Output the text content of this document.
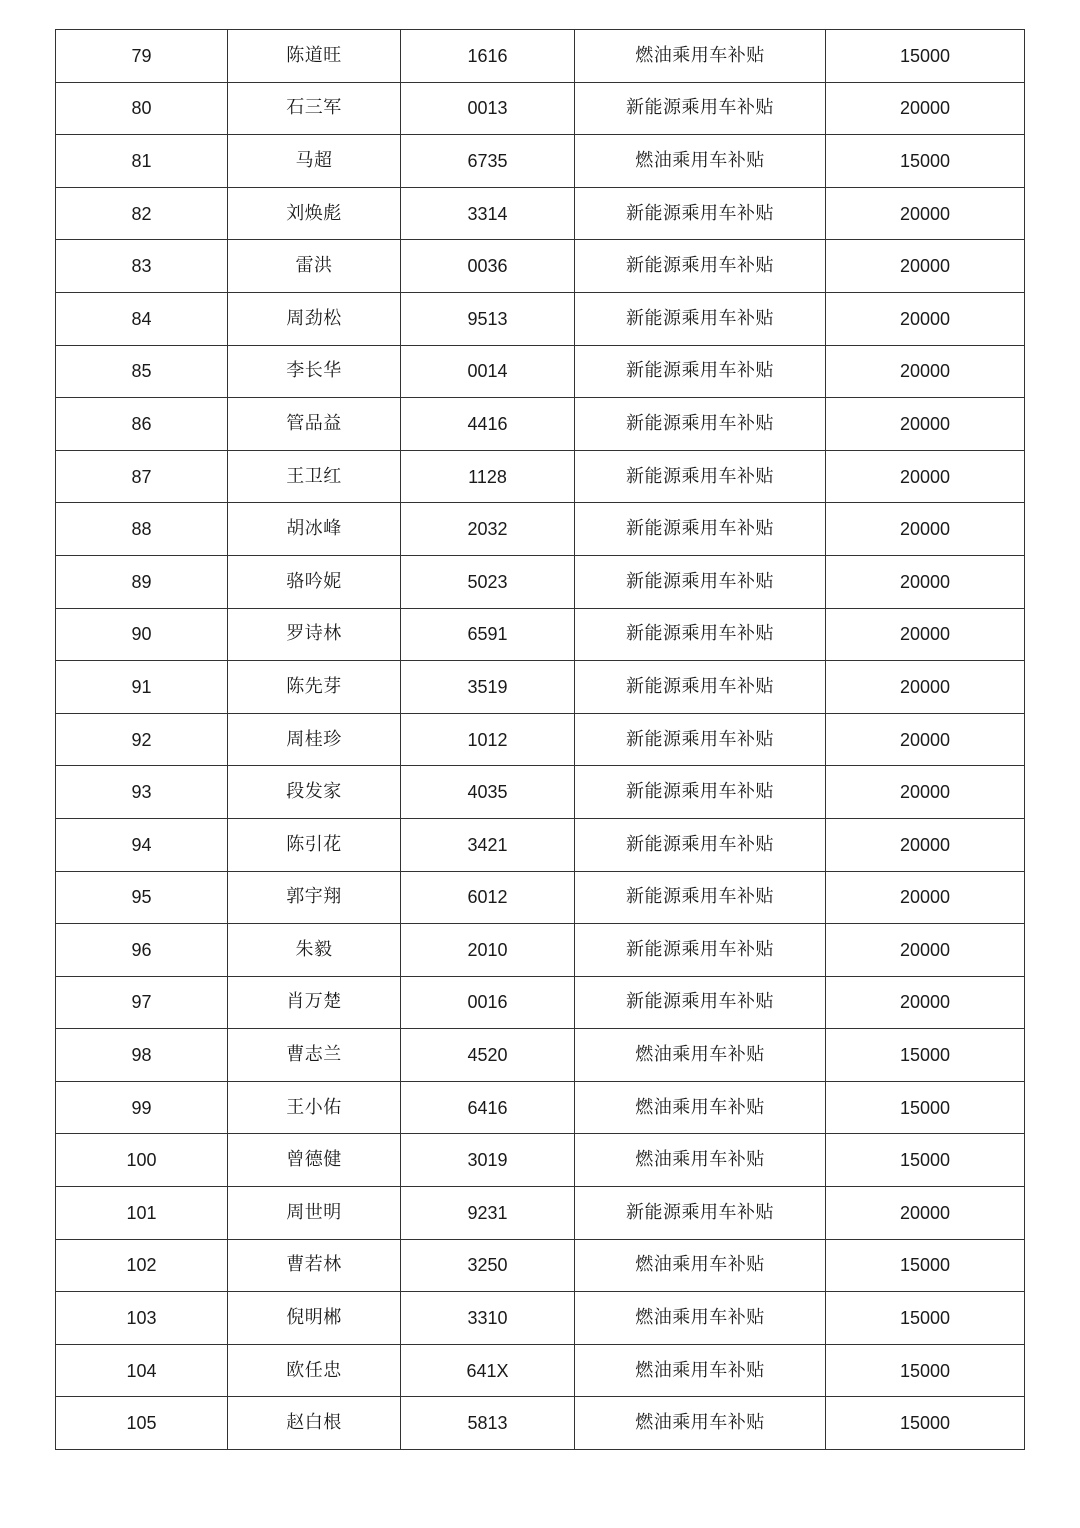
79	陈道旺	1616	燃油乘用车补贴	15000
80	石三军	0013	新能源乘用车补贴	20000
81	马超	6735	燃油乘用车补贴	15000
82	刘焕彪	3314	新能源乘用车补贴	20000
83	雷洪	0036	新能源乘用车补贴	20000
84	周劲松	9513	新能源乘用车补贴	20000
85	李长华	0014	新能源乘用车补贴	20000
86	管品益	4416	新能源乘用车补贴	20000
87	王卫红	1128	新能源乘用车补贴	20000
88	胡冰峰	2032	新能源乘用车补贴	20000
89	骆吟妮	5023	新能源乘用车补贴	20000
90	罗诗林	6591	新能源乘用车补贴	20000
91	陈先芽	3519	新能源乘用车补贴	20000
92	周桂珍	1012	新能源乘用车补贴	20000
93	段发家	4035	新能源乘用车补贴	20000
94	陈引花	3421	新能源乘用车补贴	20000
95	郭宇翔	6012	新能源乘用车补贴	20000
96	朱毅	2010	新能源乘用车补贴	20000
97	肖万楚	0016	新能源乘用车补贴	20000
98	曹志兰	4520	燃油乘用车补贴	15000
99	王小佑	6416	燃油乘用车补贴	15000
100	曾德健	3019	燃油乘用车补贴	15000
101	周世明	9231	新能源乘用车补贴	20000
102	曹若林	3250	燃油乘用车补贴	15000
103	倪明郴	3310	燃油乘用车补贴	15000
104	欧任忠	641X	燃油乘用车补贴	15000
105	赵白根	5813	燃油乘用车补贴	15000
